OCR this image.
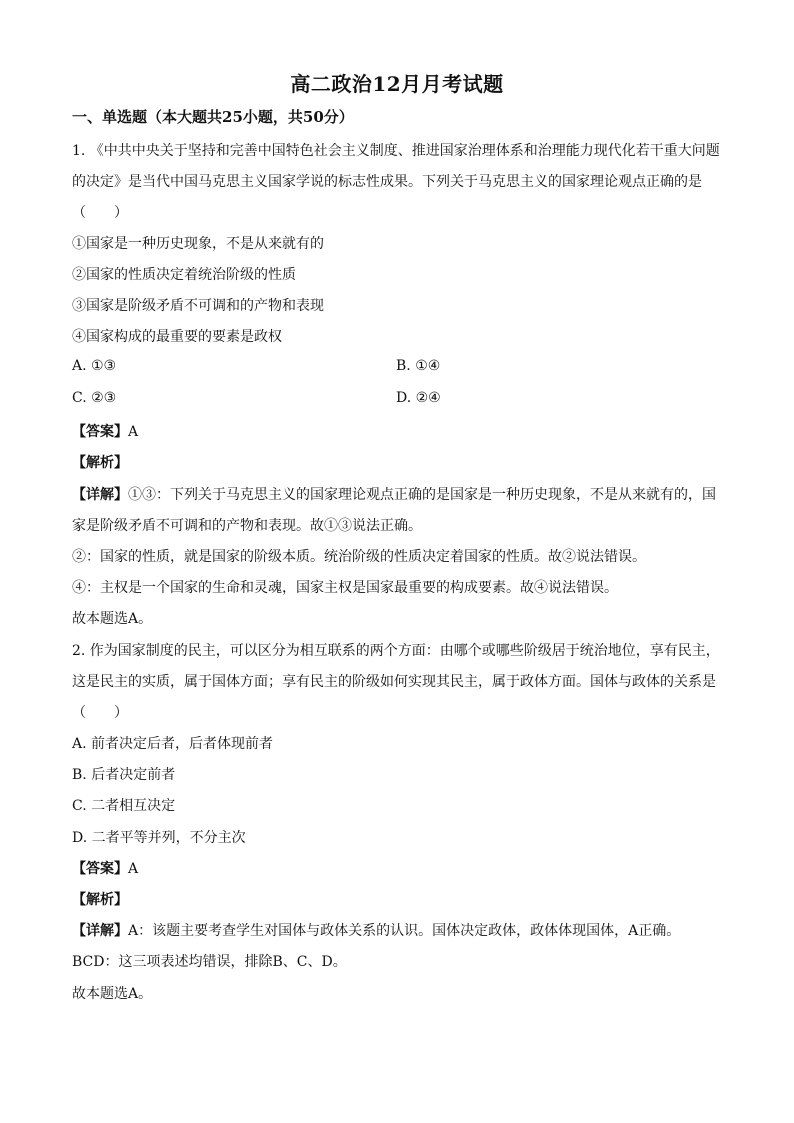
高二政治12月月考试题
一、单选题（本大题共25小题，共50分）
1. 《中共中央关于坚持和完善中国特色社会主义制度、推进国家治理体系和治理能力现代化若干重大问题
的决定》是当代中国马克思主义国家学说的标志性成果。下列关于马克思主义的国家理论观点正确的是
（　　）
①国家是一种历史现象，不是从来就有的
②国家的性质决定着统治阶级的性质
③国家是阶级矛盾不可调和的产物和表现
④国家构成的最重要的要素是政权
A. ①③	B. ①④
C. ②③	D. ②④
【答案】A
【解析】
【详解】①③：下列关于马克思主义的国家理论观点正确的是国家是一种历史现象，不是从来就有的，国
家是阶级矛盾不可调和的产物和表现。故①③说法正确。
②：国家的性质，就是国家的阶级本质。统治阶级的性质决定着国家的性质。故②说法错误。
④：主权是一个国家的生命和灵魂，国家主权是国家最重要的构成要素。故④说法错误。
故本题选A。
2. 作为国家制度的民主，可以区分为相互联系的两个方面：由哪个或哪些阶级居于统治地位，享有民主，
这是民主的实质，属于国体方面；享有民主的阶级如何实现其民主，属于政体方面。国体与政体的关系是
（　　）
A. 前者决定后者，后者体现前者
B. 后者决定前者
C. 二者相互决定
D. 二者平等并列，不分主次
【答案】A
【解析】
【详解】A：该题主要考查学生对国体与政体关系的认识。国体决定政体，政体体现国体，A正确。
BCD：这三项表述均错误，排除B、C、D。
故本题选A。
